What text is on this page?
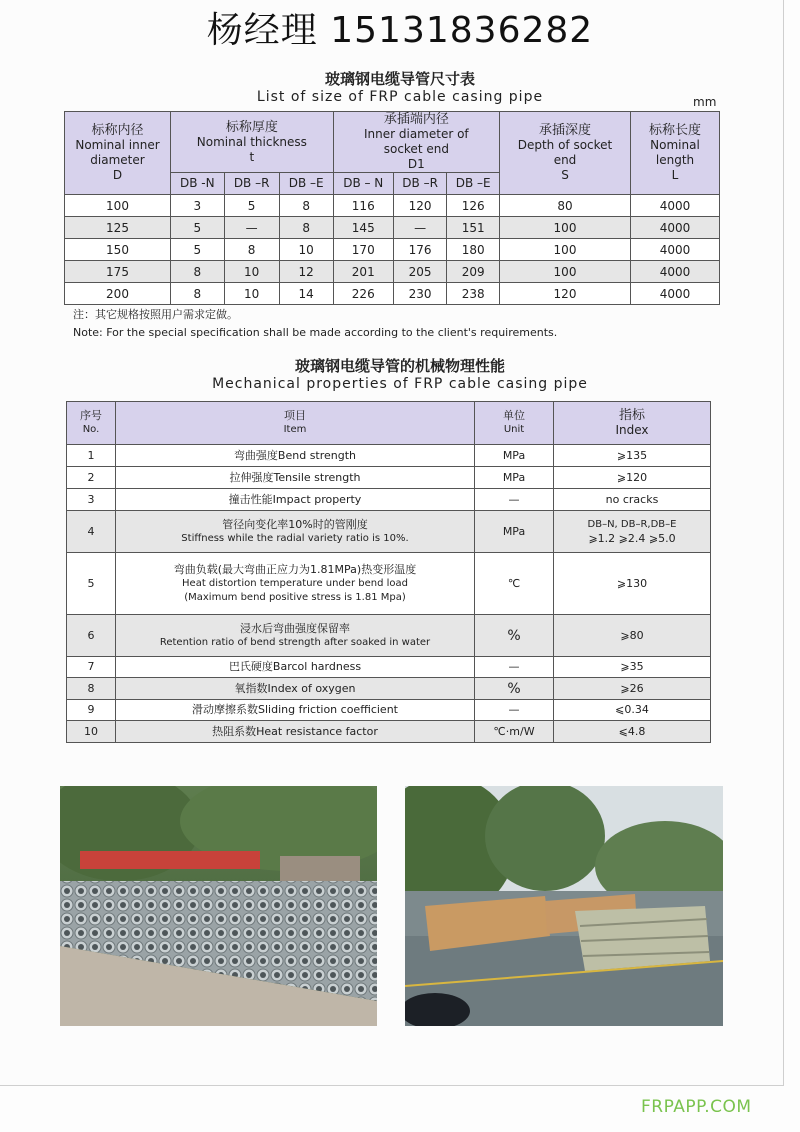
杨经理 15131836282
玻璃钢电缆导管尺寸表
List of size of FRP cable casing pipe	mm
标称内径
Nominal inner
diameter
D	标称厚度
Nominal thickness
t			承插端内径
Inner diameter of
socket end
D1			承插深度
Depth of socket
end
S	标称长度
Nominal
length
L

	DB -N	DB –R	DB –E	DB – N	DB –R	DB –E		
100	3	5	8	116	120	126	80	4000
125	5	—	8	145	—	151	100	4000
150	5	8	10	170	176	180	100	4000
175	8	10	12	201	205	209	100	4000
200	8	10	14	226	230	238	120	4000
注：其它规格按照用户需求定做。
Note: For the special specification shall be made according to the client's requirements.
玻璃钢电缆导管的机械物理性能
Mechanical properties of FRP cable casing pipe
序号
No.	项目
Item	单位
Unit	指标
Index

1	弯曲强度Bend strength	MPa	⩾135
2	拉伸强度Tensile strength	MPa	⩾120
3	撞击性能Impact property	—	no cracks
4	管径向变化率10%时的管刚度
Stiffness while the radial variety ratio is 10%.	MPa	DB–N, DB–R,DB–E
⩾1.2 ⩾2.4 ⩾5.0

5	弯曲负载(最大弯曲正应力为1.81MPa)热变形温度
Heat distortion temperature under bend load
(Maximum bend positive stress is 1.81 Mpa)	℃	⩾130
6	浸水后弯曲强度保留率
Retention ratio of bend strength after soaked in water	%	⩾80
7	巴氏硬度Barcol hardness	—	⩾35
8	氧指数Index of oxygen	%	⩾26
9	滑动摩擦系数Sliding friction coefficient	—	⩽0.34
10	热阻系数Heat resistance factor	℃·m/W	⩽4.8
FRPAPP.COM
